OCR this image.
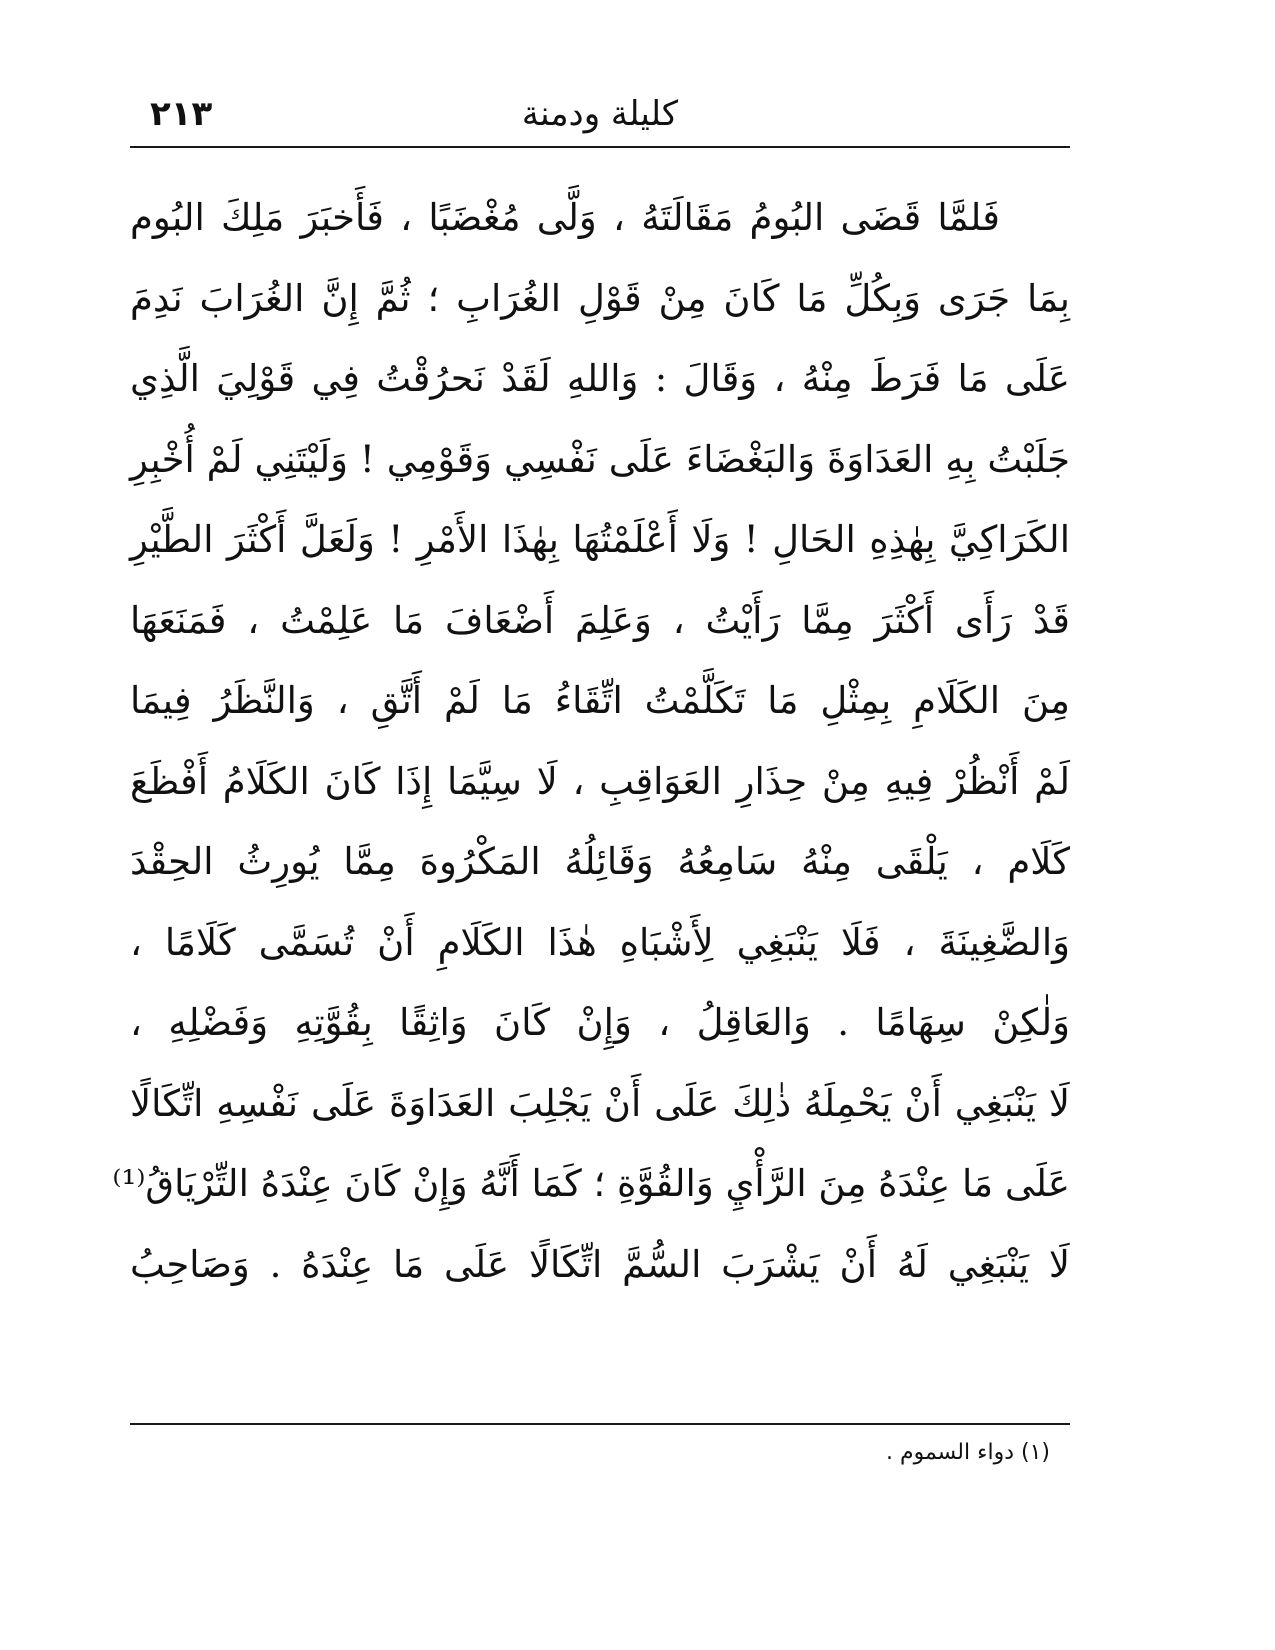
٢١٣	كليلة ودمنة
فَلمَّا قَضَى البُومُ مَقَالَتَهُ ، وَلَّى مُغْضَبًا ، فَأَخبَرَ مَلِكَ البُوم
بِمَا جَرَى وَبِكُلِّ مَا كَانَ مِنْ قَوْلِ الغُرَابِ ؛ ثُمَّ إِنَّ الغُرَابَ نَدِمَ
عَلَى مَا فَرَطَ مِنْهُ ، وَقَالَ : وَاللهِ لَقَدْ نَحرُقْتُ فِي قَوْلِيَ الَّذِي
جَلَبْتُ بِهِ العَدَاوَةَ وَالبَغْضَاءَ عَلَى نَفْسِي وَقَوْمِي ! وَلَيْتَنِي لَمْ أُخْبِرِ
الكَرَاكِيَّ بِهٰذِهِ الحَالِ ! وَلَا أَعْلَمْتُهَا بِهٰذَا الأَمْرِ ! وَلَعَلَّ أَكْثَرَ الطَّيْرِ
قَدْ رَأَى أَكْثَرَ مِمَّا رَأَيْتُ ، وَعَلِمَ أَضْعَافَ مَا عَلِمْتُ ، فَمَنَعَهَا
مِنَ الكَلَامِ بِمِثْلِ مَا تَكَلَّمْتُ اتِّقَاءُ مَا لَمْ أَتَّقِ ، وَالنَّظَرُ فِيمَا
لَمْ أَنْظُرْ فِيهِ مِنْ حِذَارِ العَوَاقِبِ ، لَا سِيَّمَا إِذَا كَانَ الكَلَامُ أَفْظَعَ
كَلَام ، يَلْقَى مِنْهُ سَامِعُهُ وَقَائِلُهُ المَكْرُوهَ مِمَّا يُورِثُ الحِقْدَ
وَالضَّغِينَةَ ، فَلَا يَنْبَغِي لِأَشْبَاهِ هٰذَا الكَلَامِ أَنْ تُسَمَّى كَلَامًا ،
وَلٰكِنْ سِهَامًا . وَالعَاقِلُ ، وَإِنْ كَانَ وَاثِقًا بِقُوَّتِهِ وَفَضْلِهِ ،
لَا يَنْبَغِي أَنْ يَحْمِلَهُ ذٰلِكَ عَلَى أَنْ يَجْلِبَ العَدَاوَةَ عَلَى نَفْسِهِ اتِّكَالًا
عَلَى مَا عِنْدَهُ مِنَ الرَّأْيِ وَالقُوَّةِ ؛ كَمَا أَنَّهُ وَإِنْ كَانَ عِنْدَهُ التِّرْيَاقُ⁽¹⁾
لَا يَنْبَغِي لَهُ أَنْ يَشْرَبَ السُّمَّ اتِّكَالًا عَلَى مَا عِنْدَهُ . وَصَاحِبُ
(١) دواء السموم .
